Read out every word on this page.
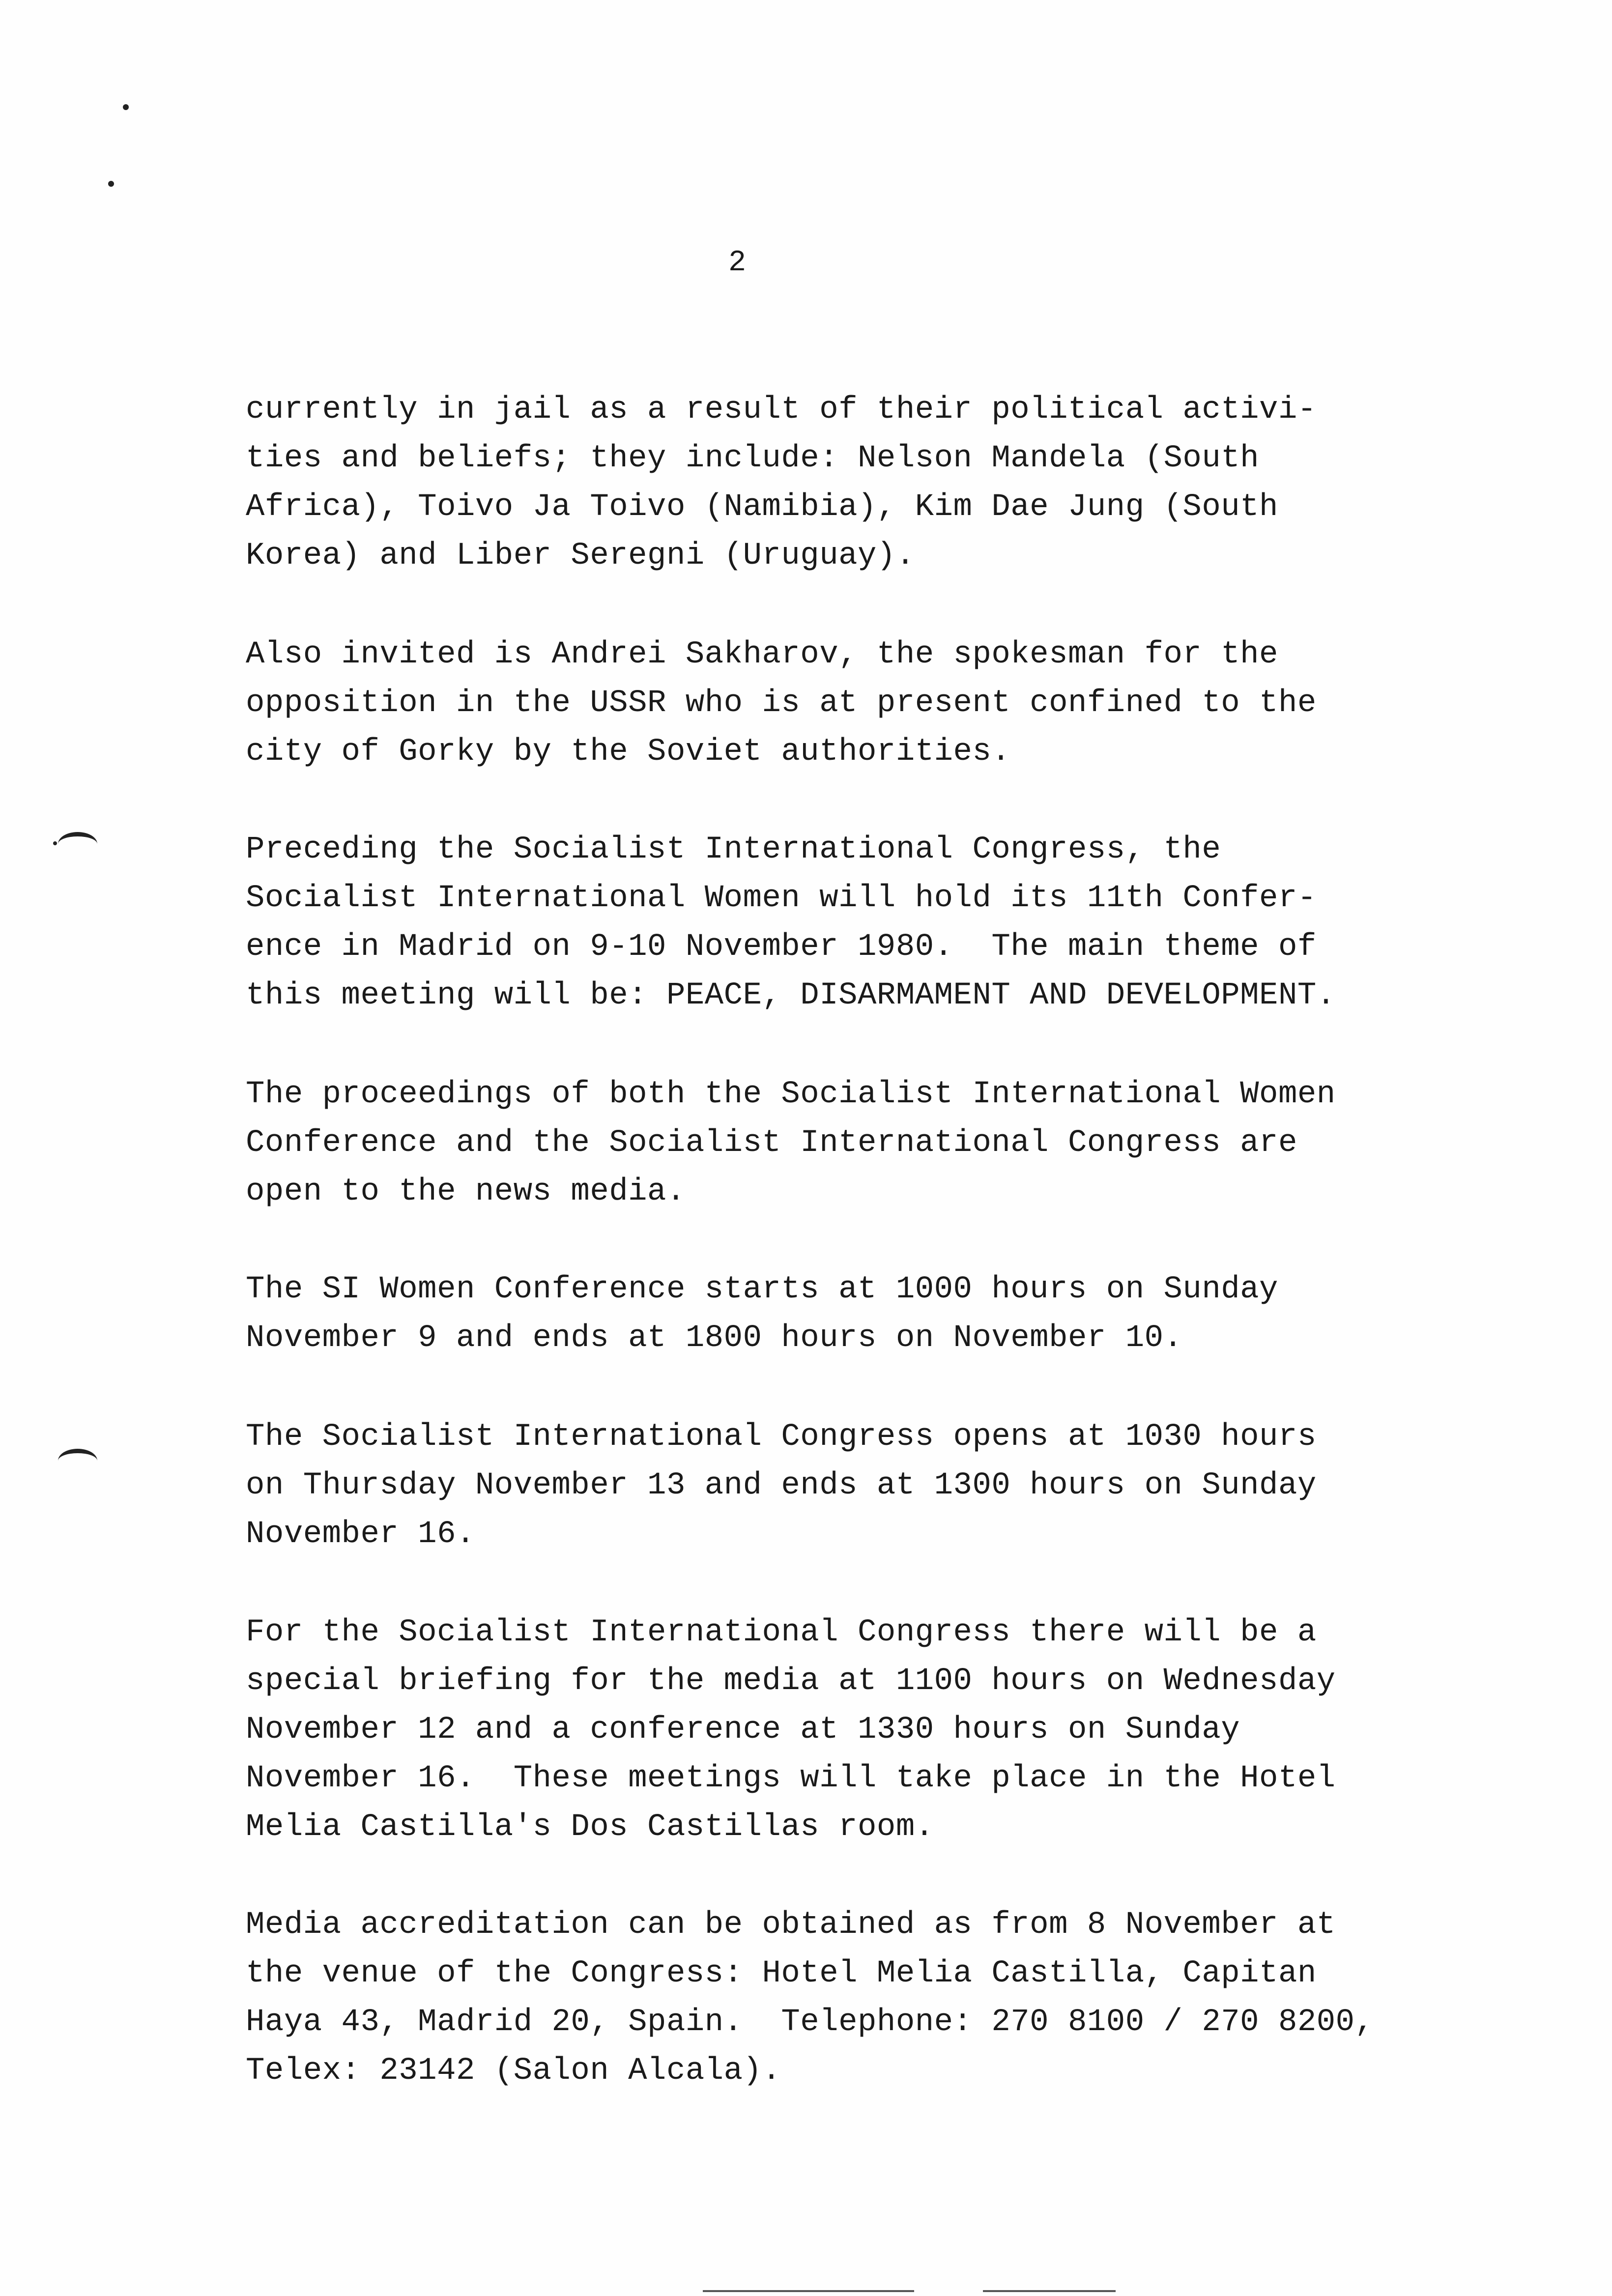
2

currently in jail as a result of their political activi-
ties and beliefs; they include: Nelson Mandela (South
Africa), Toivo Ja Toivo (Namibia), Kim Dae Jung (South
Korea) and Liber Seregni (Uruguay).

Also invited is Andrei Sakharov, the spokesman for the
opposition in the USSR who is at present confined to the
city of Gorky by the Soviet authorities.

Preceding the Socialist International Congress, the
Socialist International Women will hold its 11th Confer-
ence in Madrid on 9-10 November 1980.  The main theme of
this meeting will be: PEACE, DISARMAMENT AND DEVELOPMENT.

The proceedings of both the Socialist International Women
Conference and the Socialist International Congress are
open to the news media.

The SI Women Conference starts at 1000 hours on Sunday
November 9 and ends at 1800 hours on November 10.

The Socialist International Congress opens at 1030 hours
on Thursday November 13 and ends at 1300 hours on Sunday
November 16.

For the Socialist International Congress there will be a
special briefing for the media at 1100 hours on Wednesday
November 12 and a conference at 1330 hours on Sunday
November 16.  These meetings will take place in the Hotel
Melia Castilla's Dos Castillas room.

Media accreditation can be obtained as from 8 November at
the venue of the Congress: Hotel Melia Castilla, Capitan
Haya 43, Madrid 20, Spain.  Telephone: 270 8100 / 270 8200,
Telex: 23142 (Salon Alcala).
